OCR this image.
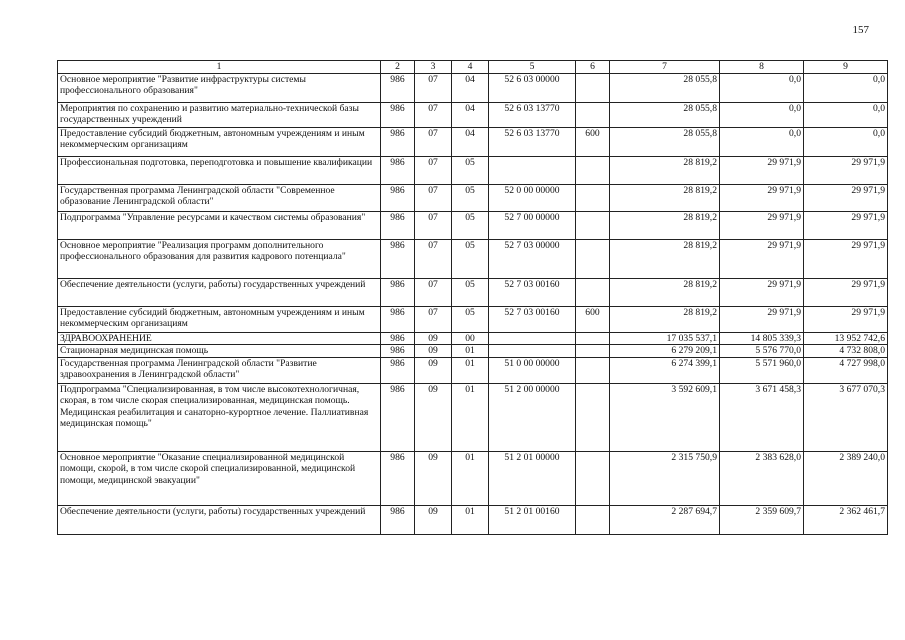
157
1	2	3	4	5	6	7	8	9
Основное мероприятие "Развитие инфраструктуры системы профессионального образования"	986	07	04	52 6 03 00000		28 055,8	0,0	0,0
Мероприятия по сохранению и развитию материально-технической базы государственных учреждений	986	07	04	52 6 03 13770		28 055,8	0,0	0,0
Предоставление субсидий бюджетным, автономным учреждениям и иным некоммерческим организациям	986	07	04	52 6 03 13770	600	28 055,8	0,0	0,0
Профессиональная подготовка, переподготовка и повышение квалификации	986	07	05			28 819,2	29 971,9	29 971,9
Государственная программа Ленинградской области "Современное образование Ленинградской области"	986	07	05	52 0 00 00000		28 819,2	29 971,9	29 971,9
Подпрограмма "Управление ресурсами и качеством системы образования"	986	07	05	52 7 00 00000		28 819,2	29 971,9	29 971,9
Основное мероприятие "Реализация программ дополнительного профессионального образования для развития кадрового потенциала"	986	07	05	52 7 03 00000		28 819,2	29 971,9	29 971,9
Обеспечение деятельности (услуги, работы) государственных учреждений	986	07	05	52 7 03 00160		28 819,2	29 971,9	29 971,9
Предоставление субсидий бюджетным, автономным учреждениям и иным некоммерческим организациям	986	07	05	52 7 03 00160	600	28 819,2	29 971,9	29 971,9
ЗДРАВООХРАНЕНИЕ	986	09	00			17 035 537,1	14 805 339,3	13 952 742,6
Стационарная медицинская помощь	986	09	01			6 279 209,1	5 576 770,0	4 732 808,0
Государственная программа Ленинградской области "Развитие здравоохранения в Ленинградской области"	986	09	01	51 0 00 00000		6 274 399,1	5 571 960,0	4 727 998,0
Подпрограмма "Специализированная, в том числе высокотехнологичная, скорая, в том числе скорая специализированная, медицинская помощь. Медицинская реабилитация и санаторно-курортное лечение. Паллиативная медицинская помощь"	986	09	01	51 2 00 00000		3 592 609,1	3 671 458,3	3 677 070,3
Основное мероприятие "Оказание специализированной медицинской помощи, скорой, в том числе скорой специализированной, медицинской помощи, медицинской эвакуации"	986	09	01	51 2 01 00000		2 315 750,9	2 383 628,0	2 389 240,0
Обеспечение деятельности (услуги, работы) государственных учреждений	986	09	01	51 2 01 00160		2 287 694,7	2 359 609,7	2 362 461,7
